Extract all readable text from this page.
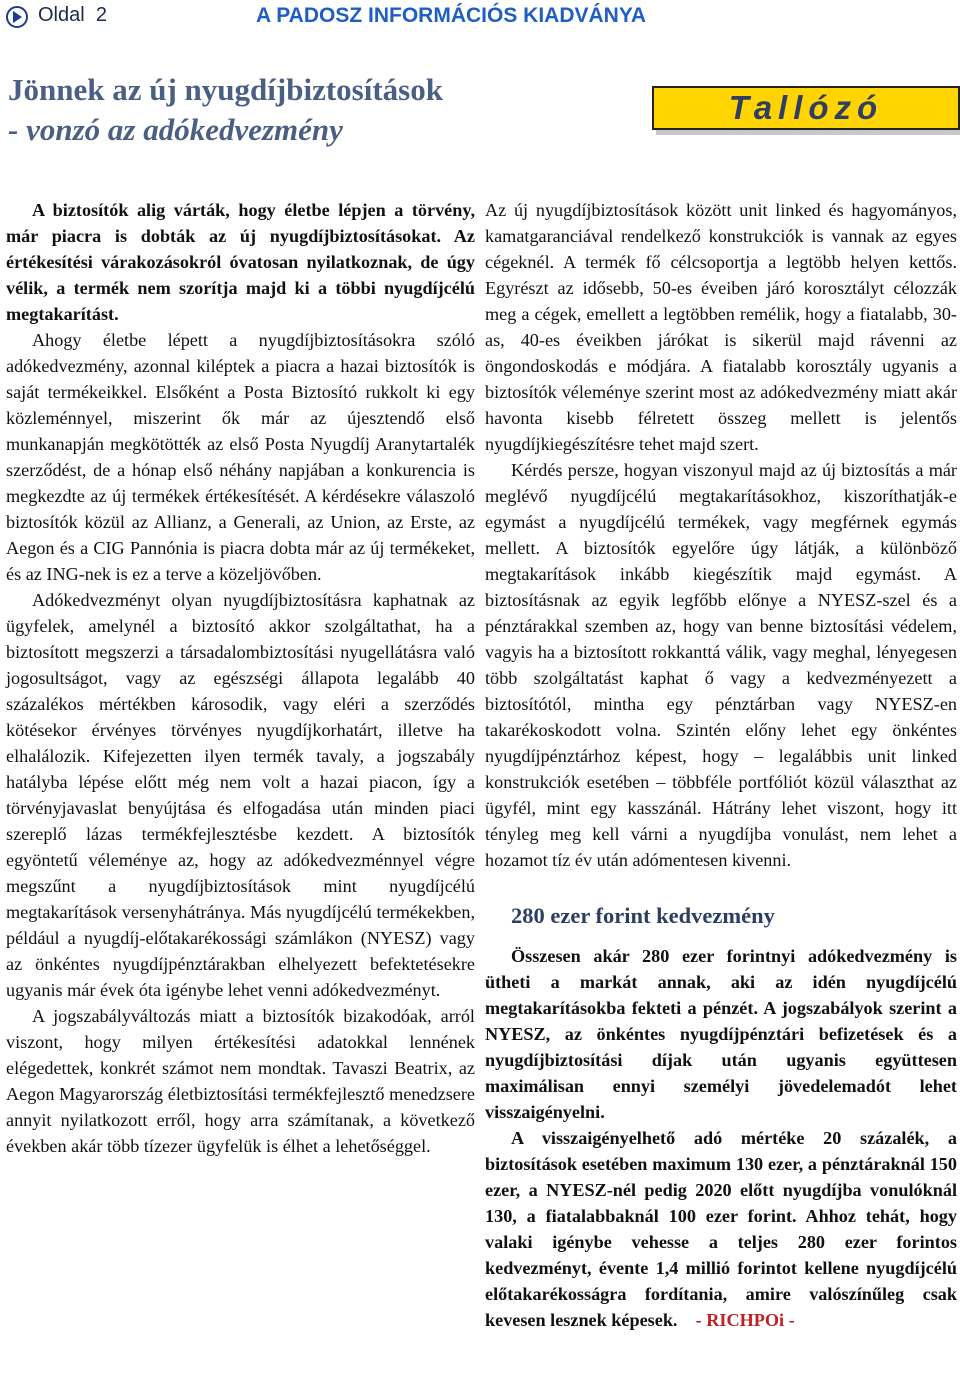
Oldal 2	A PADOSZ INFORMÁCIÓS KIADVÁNYA
Jönnek az új nyugdíjbiztosítások
- vonzó az adókedvezmény
Tallózó

A biztosítók alig várták, hogy életbe lépjen a törvény, már piacra is dobták az új nyugdíjbiztosításokat. Az értékesítési várakozásokról óvatosan nyilatkoznak, de úgy vélik, a termék nem szorítja majd ki a többi nyugdíjcélú megtakarítást.

Ahogy életbe lépett a nyugdíjbiztosításokra szóló adókedvezmény, azonnal kiléptek a piacra a hazai biztosítók is saját termékeikkel. Elsőként a Posta Biztosító rukkolt ki egy közleménnyel, miszerint ők már az újesztendő első munkanapján megkötötték az első Posta Nyugdíj Aranytartalék szerződést, de a hónap első néhány napjában a konkurencia is megkezdte az új termékek értékesítését. A kérdésekre válaszoló biztosítók közül az Allianz, a Generali, az Union, az Erste, az Aegon és a CIG Pannónia is piacra dobta már az új termékeket, és az ING-nek is ez a terve a közeljövőben.

Adókedvezményt olyan nyugdíjbiztosításra kaphatnak az ügyfelek, amelynél a biztosító akkor szolgáltathat, ha a biztosított megszerzi a társadalombiztosítási nyugellátásra való jogosultságot, vagy az egészségi állapota legalább 40 százalékos mértékben károsodik, vagy eléri a szerződés kötésekor érvényes törvényes nyugdíjkorhatárt, illetve ha elhalálozik. Kifejezetten ilyen termék tavaly, a jogszabály hatályba lépése előtt még nem volt a hazai piacon, így a törvényjavaslat benyújtása és elfogadása után minden piaci szereplő lázas termékfejlesztésbe kezdett. A biztosítók egyöntetű véleménye az, hogy az adókedvezménnyel végre megszűnt a nyugdíjbiztosítások mint nyugdíjcélú megtakarítások versenyhátránya. Más nyugdíjcélú termékekben, például a nyugdíj-előtakarékossági számlákon (NYESZ) vagy az önkéntes nyugdíjpénztárakban elhelyezett befektetésekre ugyanis már évek óta igénybe lehet venni adókedvezményt.

A jogszabályváltozás miatt a biztosítók bizakodóak, arról viszont, hogy milyen értékesítési adatokkal lennének elégedettek, konkrét számot nem mondtak. Tavaszi Beatrix, az Aegon Magyarország életbiztosítási termékfejlesztő menedzsere annyit nyilatkozott erről, hogy arra számítanak, a következő években akár több tízezer ügyfelük is élhet a lehetőséggel.

Az új nyugdíjbiztosítások között unit linked és hagyományos, kamatgaranciával rendelkező konstrukciók is vannak az egyes cégeknél. A termék fő célcsoportja a legtöbb helyen kettős. Egyrészt az idősebb, 50-es éveiben járó korosztályt célozzák meg a cégek, emellett a legtöbben remélik, hogy a fiatalabb, 30-as, 40-es éveikben járókat is sikerül majd rávenni az öngondoskodás e módjára. A fiatalabb korosztály ugyanis a biztosítók véleménye szerint most az adókedvezmény miatt akár havonta kisebb félretett összeg mellett is jelentős nyugdíjkiegészítésre tehet majd szert.

Kérdés persze, hogyan viszonyul majd az új biztosítás a már meglévő nyugdíjcélú megtakarításokhoz, kiszoríthatják-e egymást a nyugdíjcélú termékek, vagy megférnek egymás mellett. A biztosítók egyelőre úgy látják, a különböző megtakarítások inkább kiegészítik majd egymást. A biztosításnak az egyik legfőbb előnye a NYESZ-szel és a pénztárakkal szemben az, hogy van benne biztosítási védelem, vagyis ha a biztosított rokkanttá válik, vagy meghal, lényegesen több szolgáltatást kaphat ő vagy a kedvezményezett a biztosítótól, mintha egy pénztárban vagy NYESZ-en takarékoskodott volna. Szintén előny lehet egy önkéntes nyugdíjpénztárhoz képest, hogy – legalábbis unit linked konstrukciók esetében – többféle portfóliót közül választhat az ügyfél, mint egy kasszánál. Hátrány lehet viszont, hogy itt tényleg meg kell várni a nyugdíjba vonulást, nem lehet a hozamot tíz év után adómentesen kivenni.

280 ezer forint kedvezmény

Összesen akár 280 ezer forintnyi adókedvezmény is ütheti a markát annak, aki az idén nyugdíjcélú megtakarításokba fekteti a pénzét. A jogszabályok szerint a NYESZ, az önkéntes nyugdíjpénztári befizetések és a nyugdíjbiztosítási díjak után ugyanis együttesen maximálisan ennyi személyi jövedelemadót lehet visszaigényelni.

A visszaigényelhető adó mértéke 20 százalék, a biztosítások esetében maximum 130 ezer, a pénztáraknál 150 ezer, a NYESZ-nél pedig 2020 előtt nyugdíjba vonulóknál 130, a fiatalabbaknál 100 ezer forint. Ahhoz tehát, hogy valaki igénybe vehesse a teljes 280 ezer forintos kedvezményt, évente 1,4 millió forintot kellene nyugdíjcélú előtakarékosságra fordítania, amire valószínűleg csak kevesen lesznek képesek. - RICHPOi -
